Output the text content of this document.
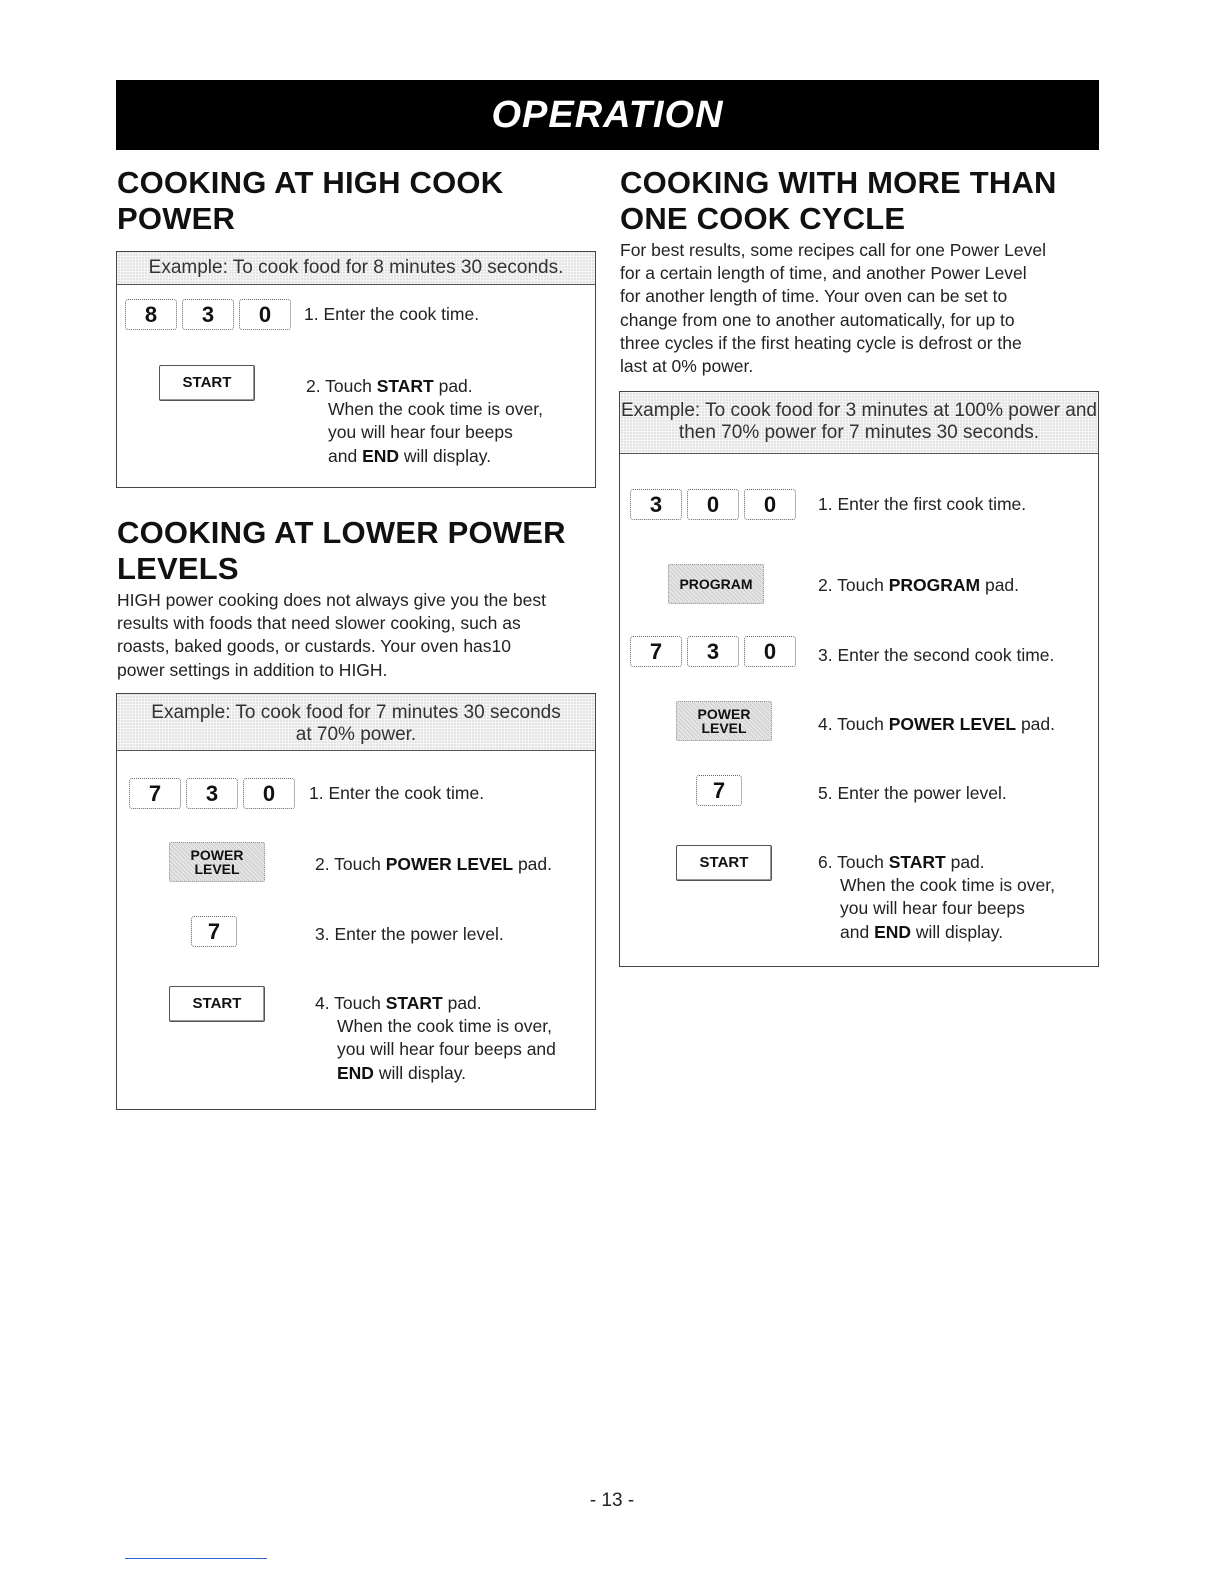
OPERATION
COOKING AT HIGH COOK
POWER
Example: To cook food for 8 minutes 30 seconds.
8	3	0	1. Enter the cook time.
START	2. Touch START pad.
When the cook time is over,
you will hear four beeps
and END will display.
COOKING AT LOWER POWER
LEVELS

HIGH power cooking does not always give you the best
results with foods that need slower cooking, such as
roasts, baked goods, or custards. Your oven has10
power settings in addition to HIGH.

Example: To cook food for 7 minutes 30 seconds
at 70% power.
7	3	0	1. Enter the cook time.
POWER
LEVEL	2. Touch POWER LEVEL pad.
7	3. Enter the power level.
START	4. Touch START pad.
When the cook time is over,
you will hear four beeps and
END will display.
COOKING WITH MORE THAN
ONE COOK CYCLE

For best results, some recipes call for one Power Level
for a certain length of time, and another Power Level
for another length of time. Your oven can be set to
change from one to another automatically, for up to
three cycles if the first heating cycle is defrost or the
last at 0% power.

Example: To cook food for 3 minutes at 100% power and
then 70% power for 7 minutes 30 seconds.
3	0	0	1. Enter the first cook time.
PROGRAM	2. Touch PROGRAM pad.
7	3	0	3. Enter the second cook time.
POWER
LEVEL	4. Touch POWER LEVEL pad.
7	5. Enter the power level.
START	6. Touch START pad.
When the cook time is over,
you will hear four beeps
and END will display.
- 13 -
